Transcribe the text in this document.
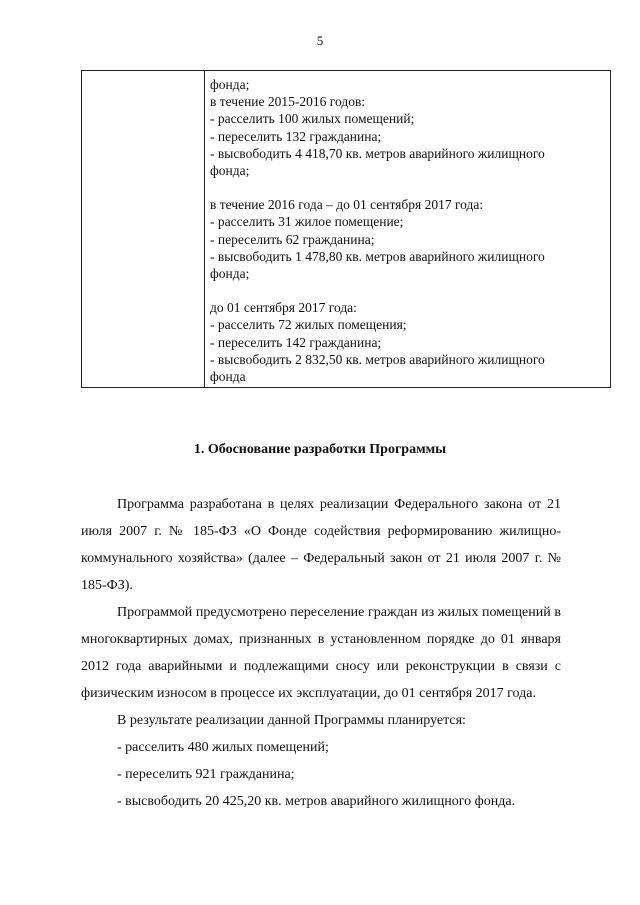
5
фонда;
в течение 2015-2016 годов:
- расселить 100 жилых помещений;
- переселить 132 гражданина;
- высвободить 4 418,70 кв. метров аварийного жилищного
фонда;
в течение 2016 года – до 01 сентября 2017 года:
- расселить 31 жилое помещение;
- переселить 62 гражданина;
- высвободить 1 478,80 кв. метров аварийного жилищного
фонда;
до 01 сентября 2017 года:
- расселить 72 жилых помещения;
- переселить 142 гражданина;
- высвободить 2 832,50 кв. метров аварийного жилищного
фонда
1. Обоснование разработки Программы

Программа разработана в целях реализации Федерального закона от 21 июля 2007 г. № 185-ФЗ «О Фонде содействия реформированию жилищно-коммунального хозяйства» (далее – Федеральный закон от 21 июля 2007 г. № 185-ФЗ).

Программой предусмотрено переселение граждан из жилых помещений в многоквартирных домах, признанных в установленном порядке до 01 января 2012 года аварийными и подлежащими сносу или реконструкции в связи с физическим износом в процессе их эксплуатации, до 01 сентября 2017 года.

В результате реализации данной Программы планируется:

- расселить 480 жилых помещений;

- переселить 921 гражданина;

- высвободить 20 425,20 кв. метров аварийного жилищного фонда.
